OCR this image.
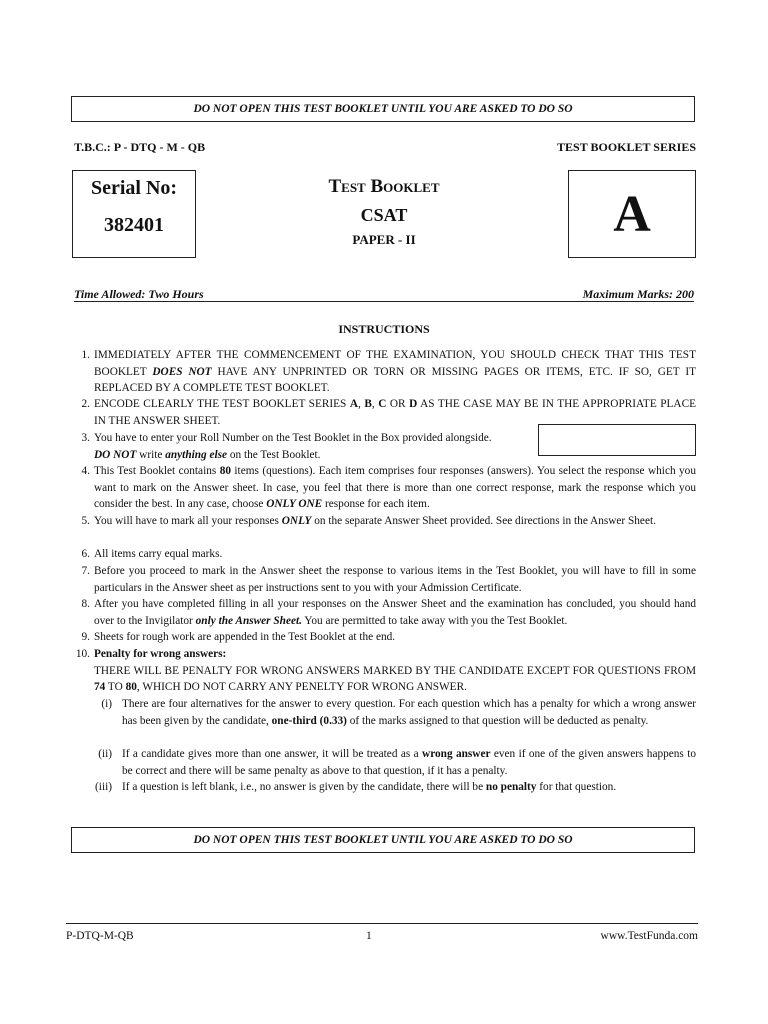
DO NOT OPEN THIS TEST BOOKLET UNTIL YOU ARE ASKED TO DO SO
T.B.C.: P - DTQ - M - QB	TEST BOOKLET SERIES
Serial No:
382401
Test Booklet
CSAT
PAPER - II	A
Time Allowed: Two Hours	Maximum Marks: 200
INSTRUCTIONS
1. IMMEDIATELY AFTER THE COMMENCEMENT OF THE EXAMINATION, YOU SHOULD CHECK THAT THIS TEST BOOKLET DOES NOT HAVE ANY UNPRINTED OR TORN OR MISSING PAGES OR ITEMS, ETC. IF SO, GET IT REPLACED BY A COMPLETE TEST BOOKLET.
2. ENCODE CLEARLY THE TEST BOOKLET SERIES A, B, C OR D AS THE CASE MAY BE IN THE APPROPRIATE PLACE IN THE ANSWER SHEET.
3. You have to enter your Roll Number on the Test Booklet in the Box provided alongside.
DO NOT write anything else on the Test Booklet.
4. This Test Booklet contains 80 items (questions). Each item comprises four responses (answers). You select the response which you want to mark on the Answer sheet. In case, you feel that there is more than one correct response, mark the response which you consider the best. In any case, choose ONLY ONE response for each item.
5. You will have to mark all your responses ONLY on the separate Answer Sheet provided. See directions in the Answer Sheet.
6. All items carry equal marks.
7. Before you proceed to mark in the Answer sheet the response to various items in the Test Booklet, you will have to fill in some particulars in the Answer sheet as per instructions sent to you with your Admission Certificate.
8. After you have completed filling in all your responses on the Answer Sheet and the examination has concluded, you should hand over to the Invigilator only the Answer Sheet. You are permitted to take away with you the Test Booklet.
9. Sheets for rough work are appended in the Test Booklet at the end.
10. Penalty for wrong answers:
THERE WILL BE PENALTY FOR WRONG ANSWERS MARKED BY THE CANDIDATE EXCEPT FOR QUESTIONS FROM 74 TO 80, WHICH DO NOT CARRY ANY PENELTY FOR WRONG ANSWER.
(i) There are four alternatives for the answer to every question. For each question which has a penalty for which a wrong answer has been given by the candidate, one-third (0.33) of the marks assigned to that question will be deducted as penalty.
(ii) If a candidate gives more than one answer, it will be treated as a wrong answer even if one of the given answers happens to be correct and there will be same penalty as above to that question, if it has a penalty.
(iii) If a question is left blank, i.e., no answer is given by the candidate, there will be no penalty for that question.
DO NOT OPEN THIS TEST BOOKLET UNTIL YOU ARE ASKED TO DO SO
P-DTQ-M-QB	1	www.TestFunda.com
